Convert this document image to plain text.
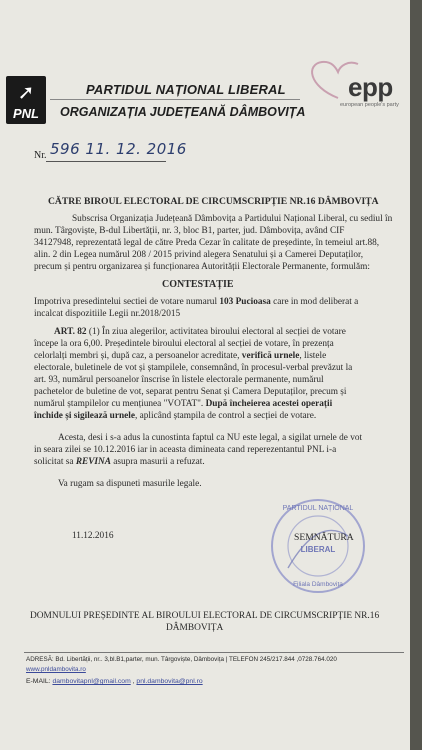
➚
PNL
PARTIDUL NAȚIONAL LIBERAL
ORGANIZAȚIA JUDEȚEANĂ DÂMBOVIȚA
epp
european people's party
Nr. 596 11. 12. 2016
CĂTRE BIROUL ELECTORAL DE CIRCUMSCRIPȚIE NR.16 DÂMBOVIȚA
Subscrisa Organizația Județeană Dâmbovița a Partidului Național Liberal, cu sediul în
mun. Târgoviște, B-dul Libertății, nr. 3, bloc B1, parter, jud. Dâmbovița, având CIF
34127948, reprezentată legal de către Preda Cezar în calitate de președinte, în temeiul art.88,
alin. 2 din Legea numărul 208 / 2015 privind alegera Senatului și a Camerei Deputaților,
precum și pentru organizarea și funcționarea Autorității Electorale Permanente, formulăm:
CONTESTAȚIE
Impotriva presedintelui sectiei de votare numarul 103 Pucioasa care in mod deliberat a
incalcat dispozitiile Legii nr.2018/2015
ART. 82 (1) În ziua alegerilor, activitatea biroului electoral al secției de votare
începe la ora 6,00. Președintele biroului electoral al secției de votare, în prezența
celorlalți membri și, după caz, a persoanelor acreditate, verifică urnele, listele
electorale, buletinele de vot și ștampilele, consemnând, în procesul-verbal prevăzut la
art. 93, numărul persoanelor înscrise în listele electorale permanente, numărul
pachetelor de buletine de vot, separat pentru Senat și Camera Deputaților, precum și
numărul ștampilelor cu mențiunea "VOTAT". După încheierea acestei operații
închide și sigilează urnele, aplicând ștampila de control a secției de votare.
Acesta, desi i s-a adus la cunostinta faptul ca NU este legal, a sigilat urnele de vot
in seara zilei se 10.12.2016 iar in aceasta dimineata cand reperezentantul PNL i-a
solicitat sa REVINA asupra masurii a refuzat.
Va rugam sa dispuneti masurile legale.
11.12.2016
PARTIDUL NAȚIONAL
LIBERAL
Filiala Dâmbovița
SEMNĂTURA
DOMNULUI PREȘEDINTE AL BIROULUI ELECTORAL DE CIRCUMSCRIPȚIE NR.16
DÂMBOVIȚA
ADRESĂ: Bd. Libertății, nr.. 3,bl.B1,parter, mun. Târgoviște, Dâmbovița | TELEFON 245/217.844 ,0728.764.020
www.pnldambovita.ro
E-MAIL: dambovitapnl@gmail.com , pnl.dambovita@pnl.ro
